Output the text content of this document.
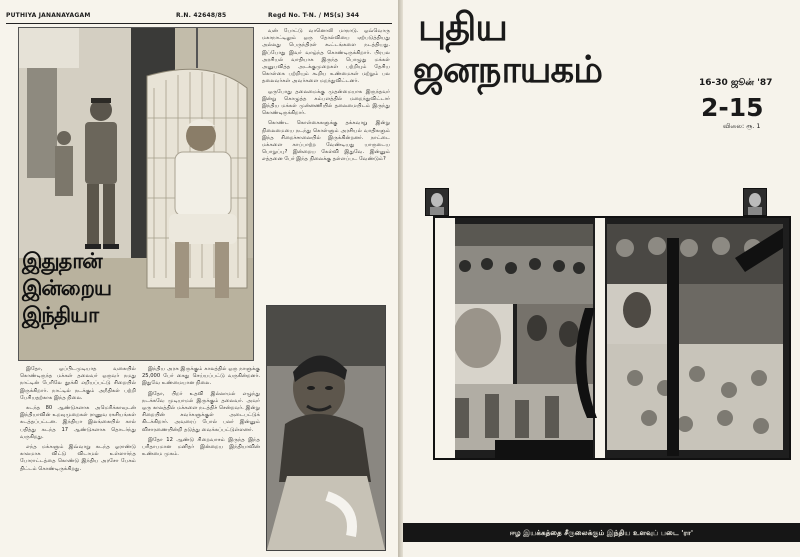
PUTHIYA JANANAYAGAM	R.N. 42648/85	Regd No. T-N. / MS(s) 344
இதுதான்
இன்றைய
இந்தியா

வன் போட்டு வானொலி மாநாடு. ஒவ்வொரு மகாநாட்டிலும் ஒரு தோல்வியை ஏற்படுத்தியது அல்லது பெருந்திரள் கூட்டங்களை நடத்தியது. இப்போது இவர் வாழ்ந்த கொண்டிருக்கிறார். பிரபல அரசியல் வாதியாக இருந்த பொழுது மக்கள் அனுபவித்த அடக்குமுறைகள் பற்றியும் தேசிய கொள்கை பற்றியும் கூறிய உண்மைகள் மற்றும் பல தலைவர்கள் அவர்களை மறந்துவிட்டனர்.

ஒருபோது தலைமைக்கு முதன்மையாக இருந்தவர் இன்று கொழுத்த கம்பளத்தில் மறைந்துவிட்டார் இந்திய மக்கள் முன்னணியில் தலைமையிடம் இருந்து கொண்டிருக்கிறார்.

கொண்ட கொள்கைகளுக்கு தக்கவாறு இன்று நிலைமையை நடந்து கொள்ளும் அரசியல் வாதிகளும் இந்த சிறைச்சாலையில் இருக்கின்றனர். நாட்டை மக்களை காப்பாற்ற வேண்டியது யாருடைய பொறுப்பு? இன்றைய கேள்வி இதுவே. இன்னும் எத்தனை பேர் இந்த நிலைக்கு தள்ளப்பட வேண்டும்?

இதோ, ஒப்பிடமுடியாத வகையில் கொண்டிருந்த மக்கள் தலைவர் ஒருவர் நமது நாட்டின் பேரிலே தூக்கி எறியப்பட்டு சிறையில் இருக்கிறார். நாட்டில் நடக்கும் அநீதிகள் பற்றி பேசியதற்காக இந்த நிலை.

கடந்த 80 ஆண்டுகளாக அமெரிக்காவுடன் இந்தியாவின் உறவுமுறைகள் ராணுவ ரகசியங்கள் கடத்தப்பட்டன. இந்தியா இலங்கையில் கால் பதித்து கடந்த 17 ஆண்டுகளாக தொடர்ந்து வருகிறது.

எந்த மக்களும் இவ்வாறு கடந்த ஓராண்டு காலமாக விட்டு விடாமல் உள்ளார்ந்த போராட்டத்தை கொண்டு இந்திய அரசோ பேசும் திட்டம் கொண்டிருக்கிறது.

இந்திய அரசு இருக்கும் காலத்தில் ஒரு நாளுக்கு 25,000 பேர் கைது செய்யப்பட்டு வருகின்றனர். இதுவே உண்மையான நிலை.

இதோ, பிறர் உதவி இல்லாமல் எழுந்து நடக்கவே முடியாமல் இருக்கும் தலைவர். அவர் ஒரு காலத்தில் மக்களை நடத்திச் சென்றவர். இன்று சிறையின் சுவர்களுக்குள் அடைபட்டுக் கிடக்கிறார். அவரைப் போல் பலர் இன்னும் விசாரணையின்றி தடுத்து வைக்கப்பட்டுள்ளனர்.

இதோ 12 ஆண்டு சிறைவாசம் இருந்த இந்த பரிதாபமான மனிதர் இன்றைய இந்தியாவின் உண்மை முகம்.

புதிய
ஜனநாயகம்	16-30 ஜூன் '87
2-15
விலை: ரூ. 1
ஈழ இயக்கத்தை சீருலைக்கும் இந்திய உளவுப் படை 'ரா'
